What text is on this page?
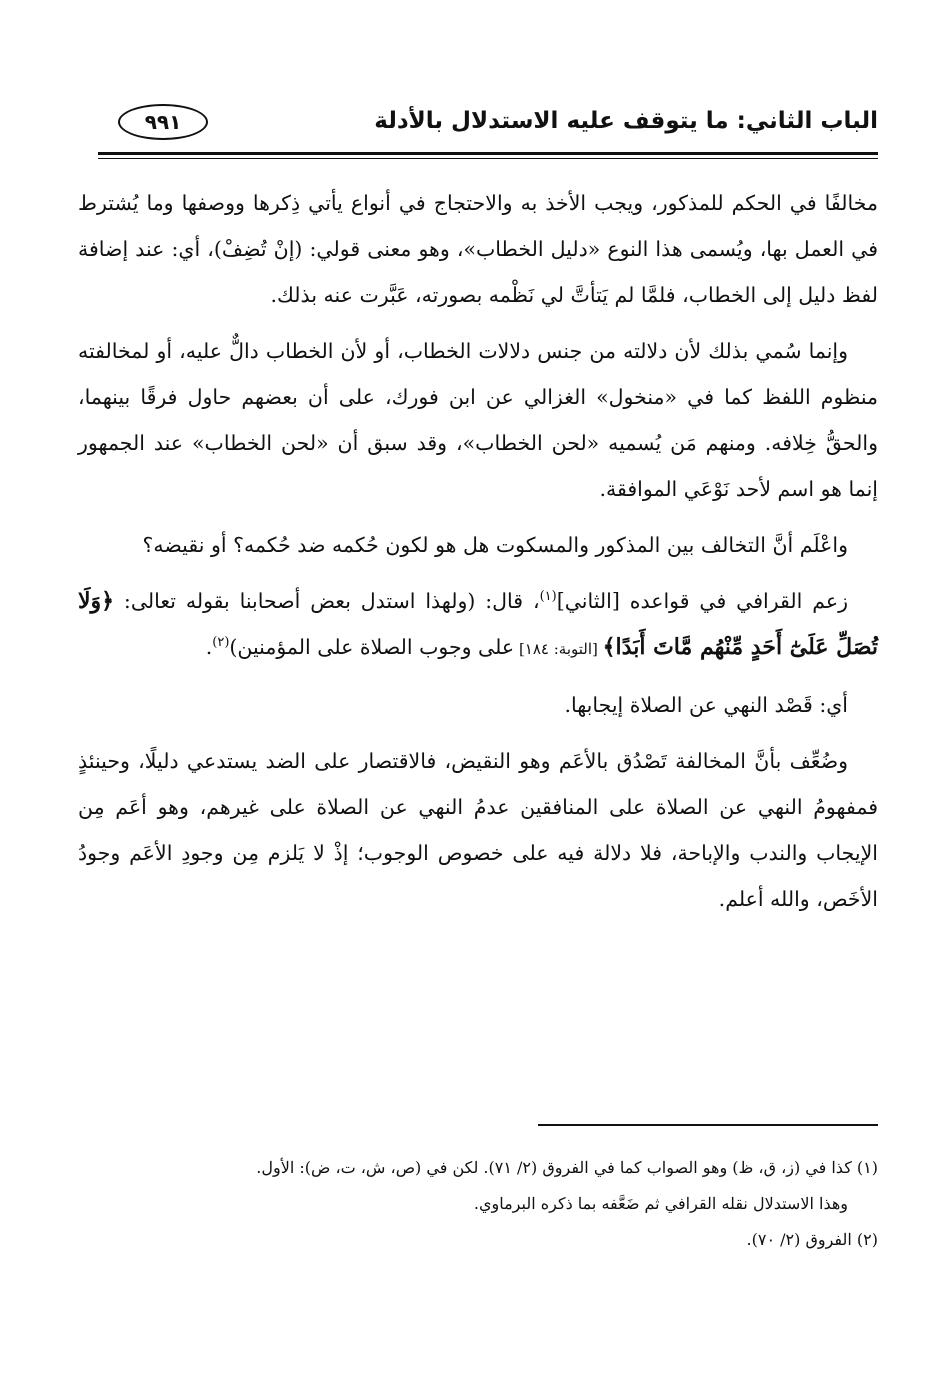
الباب الثاني: ما يتوقف عليه الاستدلال بالأدلة
٩٩١

مخالفًا في الحكم للمذكور، ويجب الأخذ به والاحتجاج في أنواع يأتي ذِكرها ووصفها وما يُشترط في العمل بها، ويُسمى هذا النوع «دليل الخطاب»، وهو معنى قولي: (إنْ تُضِفْ)، أي: عند إضافة لفظ دليل إلى الخطاب، فلمَّا لم يَتأتَّ لي نَظْمه بصورته، عَبَّرت عنه بذلك.

وإنما سُمي بذلك لأن دلالته من جنس دلالات الخطاب، أو لأن الخطاب دالٌّ عليه، أو لمخالفته منظوم اللفظ كما في «منخول» الغزالي عن ابن فورك، على أن بعضهم حاول فرقًا بينهما، والحقُّ خِلافه. ومنهم مَن يُسميه «لحن الخطاب»، وقد سبق أن «لحن الخطاب» عند الجمهور إنما هو اسم لأحد نَوْعَي الموافقة.

واعْلَم أنَّ التخالف بين المذكور والمسكوت هل هو لكون حُكمه ضد حُكمه؟ أو نقيضه؟

زعم القرافي في قواعده [الثاني]$^{(١)}$، قال: (ولهذا استدل بعض أصحابنا بقوله تعالى: ﴿وَلَا تُصَلِّ عَلَىٰٓ أَحَدٍ مِّنْهُم مَّاتَ أَبَدًا﴾ [التوبة: ١٨٤] على وجوب الصلاة على المؤمنين)$^{(٢)}$.

أي: قَصْد النهي عن الصلاة إيجابها.

وضُعِّف بأنَّ المخالفة تَصْدُق بالأعَم وهو النقيض، فالاقتصار على الضد يستدعي دليلًا، وحينئذٍ فمفهومُ النهي عن الصلاة على المنافقين عدمُ النهي عن الصلاة على غيرهم، وهو أعَم مِن الإيجاب والندب والإباحة، فلا دلالة فيه على خصوص الوجوب؛ إذْ لا يَلزم مِن وجودِ الأعَم وجودُ الأخَص، والله أعلم.

(١) كذا في (ز، ق، ظ) وهو الصواب كما في الفروق (٢/ ٧١). لكن في (ص، ش، ت، ض): الأول.

وهذا الاستدلال نقله القرافي ثم ضَعَّفه بما ذكره البرماوي.

(٢) الفروق (٢/ ٧٠).
